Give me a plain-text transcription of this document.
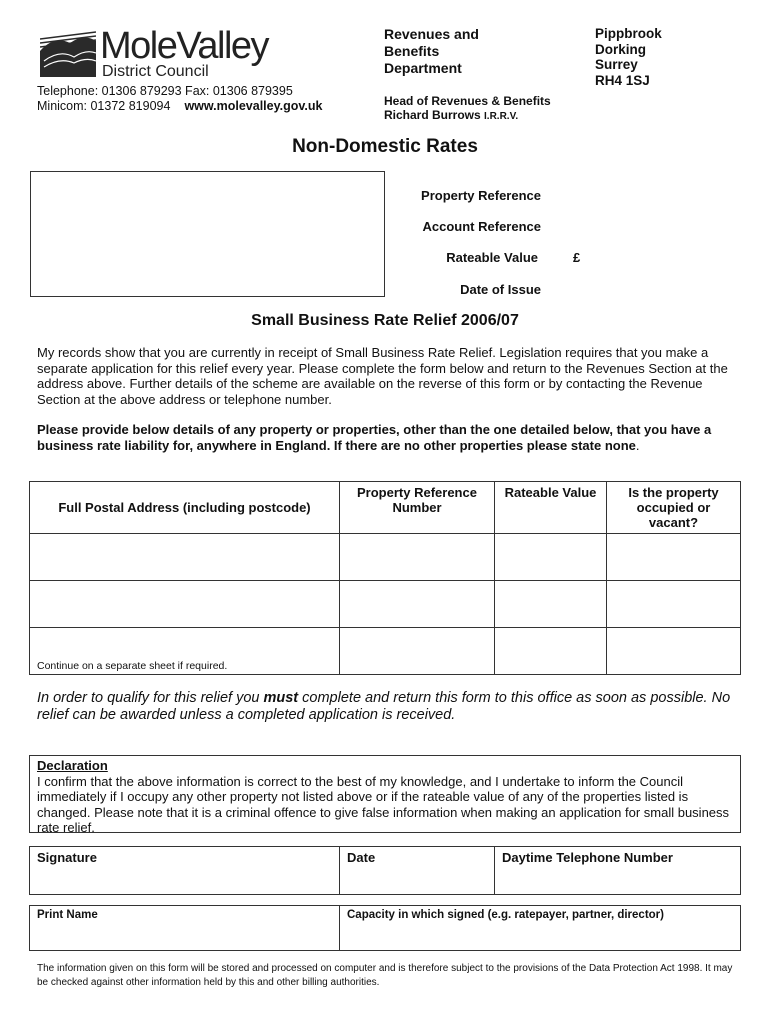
MoleValley
District Council
Telephone: 01306 879293 Fax: 01306 879395
Minicom: 01372 819094 www.molevalley.gov.uk
Revenues and
Benefits
Department
Pippbrook
Dorking
Surrey
RH4 1SJ
Head of Revenues & Benefits
Richard Burrows I.R.R.V.
Non-Domestic Rates
Property Reference
Account Reference
Rateable Value	£
Date of Issue
Small Business Rate Relief 2006/07
My records show that you are currently in receipt of Small Business Rate Relief. Legislation requires that you make a separate application for this relief every year. Please complete the form below and return to the Revenues Section at the address above. Further details of the scheme are available on the reverse of this form or by contacting the Revenue Section at the above address or telephone number.
Please provide below details of any property or properties, other than the one detailed below, that you have a business rate liability for, anywhere in England. If there are no other properties please state none.
Full Postal Address (including postcode)	Property Reference Number	Rateable Value	Is the property occupied or vacant?

Continue on a separate sheet if required.			
In order to qualify for this relief you must complete and return this form to this office as soon as possible. No relief can be awarded unless a completed application is received.
Declaration
I confirm that the above information is correct to the best of my knowledge, and I undertake to inform the Council immediately if I occupy any other property not listed above or if the rateable value of any of the properties listed is changed. Please note that it is a criminal offence to give false information when making an application for small business rate relief.
Signature	Date	Daytime Telephone Number
Print Name	Capacity in which signed (e.g. ratepayer, partner, director)
The information given on this form will be stored and processed on computer and is therefore subject to the provisions of the Data Protection Act 1998. It may be checked against other information held by this and other billing authorities.
